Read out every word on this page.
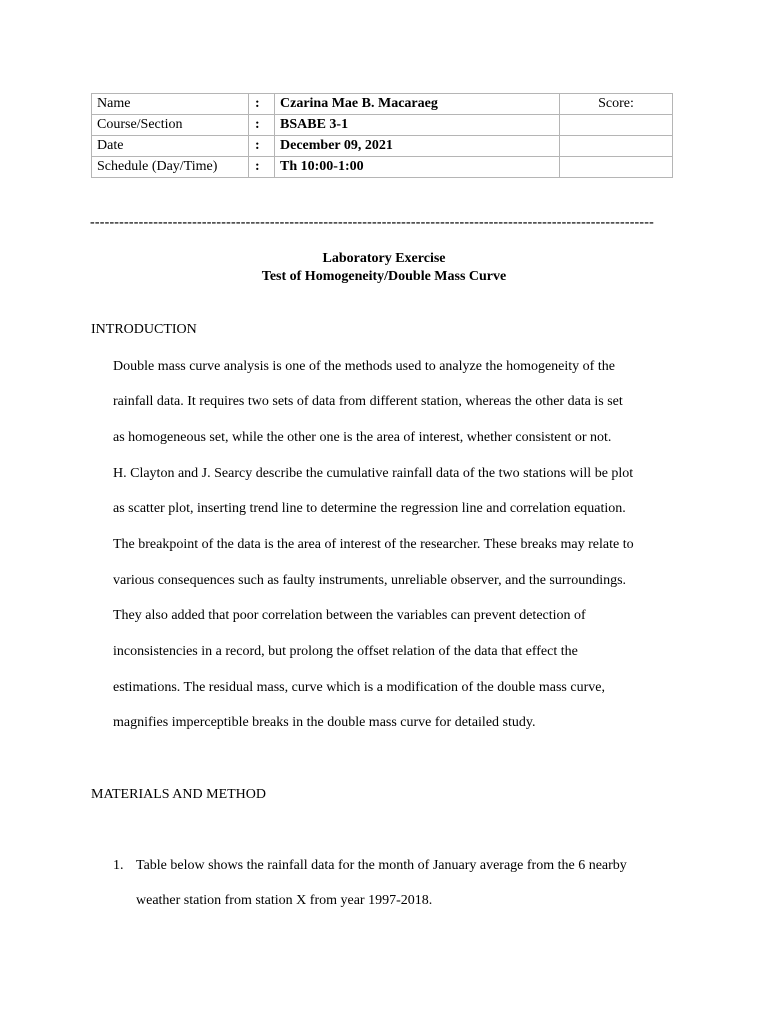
Name	:	Czarina Mae B. Macaraeg	Score:
Course/Section	:	BSABE 3-1	
Date	:	December 09, 2021	
Schedule (Day/Time)	:	Th 10:00-1:00	
--------------------------------------------------------------------------------------------------------------------
Laboratory Exercise
Test of Homogeneity/Double Mass Curve
INTRODUCTION
Double mass curve analysis is one of the methods used to analyze the homogeneity of the
rainfall data. It requires two sets of data from different station, whereas the other data is set
as homogeneous set, while the other one is the area of interest, whether consistent or not.
H. Clayton and J. Searcy describe the cumulative rainfall data of the two stations will be plot
as scatter plot, inserting trend line to determine the regression line and correlation equation.
The breakpoint of the data is the area of interest of the researcher. These breaks may relate to
various consequences such as faulty instruments, unreliable observer, and the surroundings.
They also added that poor correlation between the variables can prevent detection of
inconsistencies in a record, but prolong the offset relation of the data that effect the
estimations. The residual mass, curve which is a modification of the double mass curve,
magnifies imperceptible breaks in the double mass curve for detailed study.
MATERIALS AND METHOD
1. Table below shows the rainfall data for the month of January average from the 6 nearby
weather station from station X from year 1997-2018.
